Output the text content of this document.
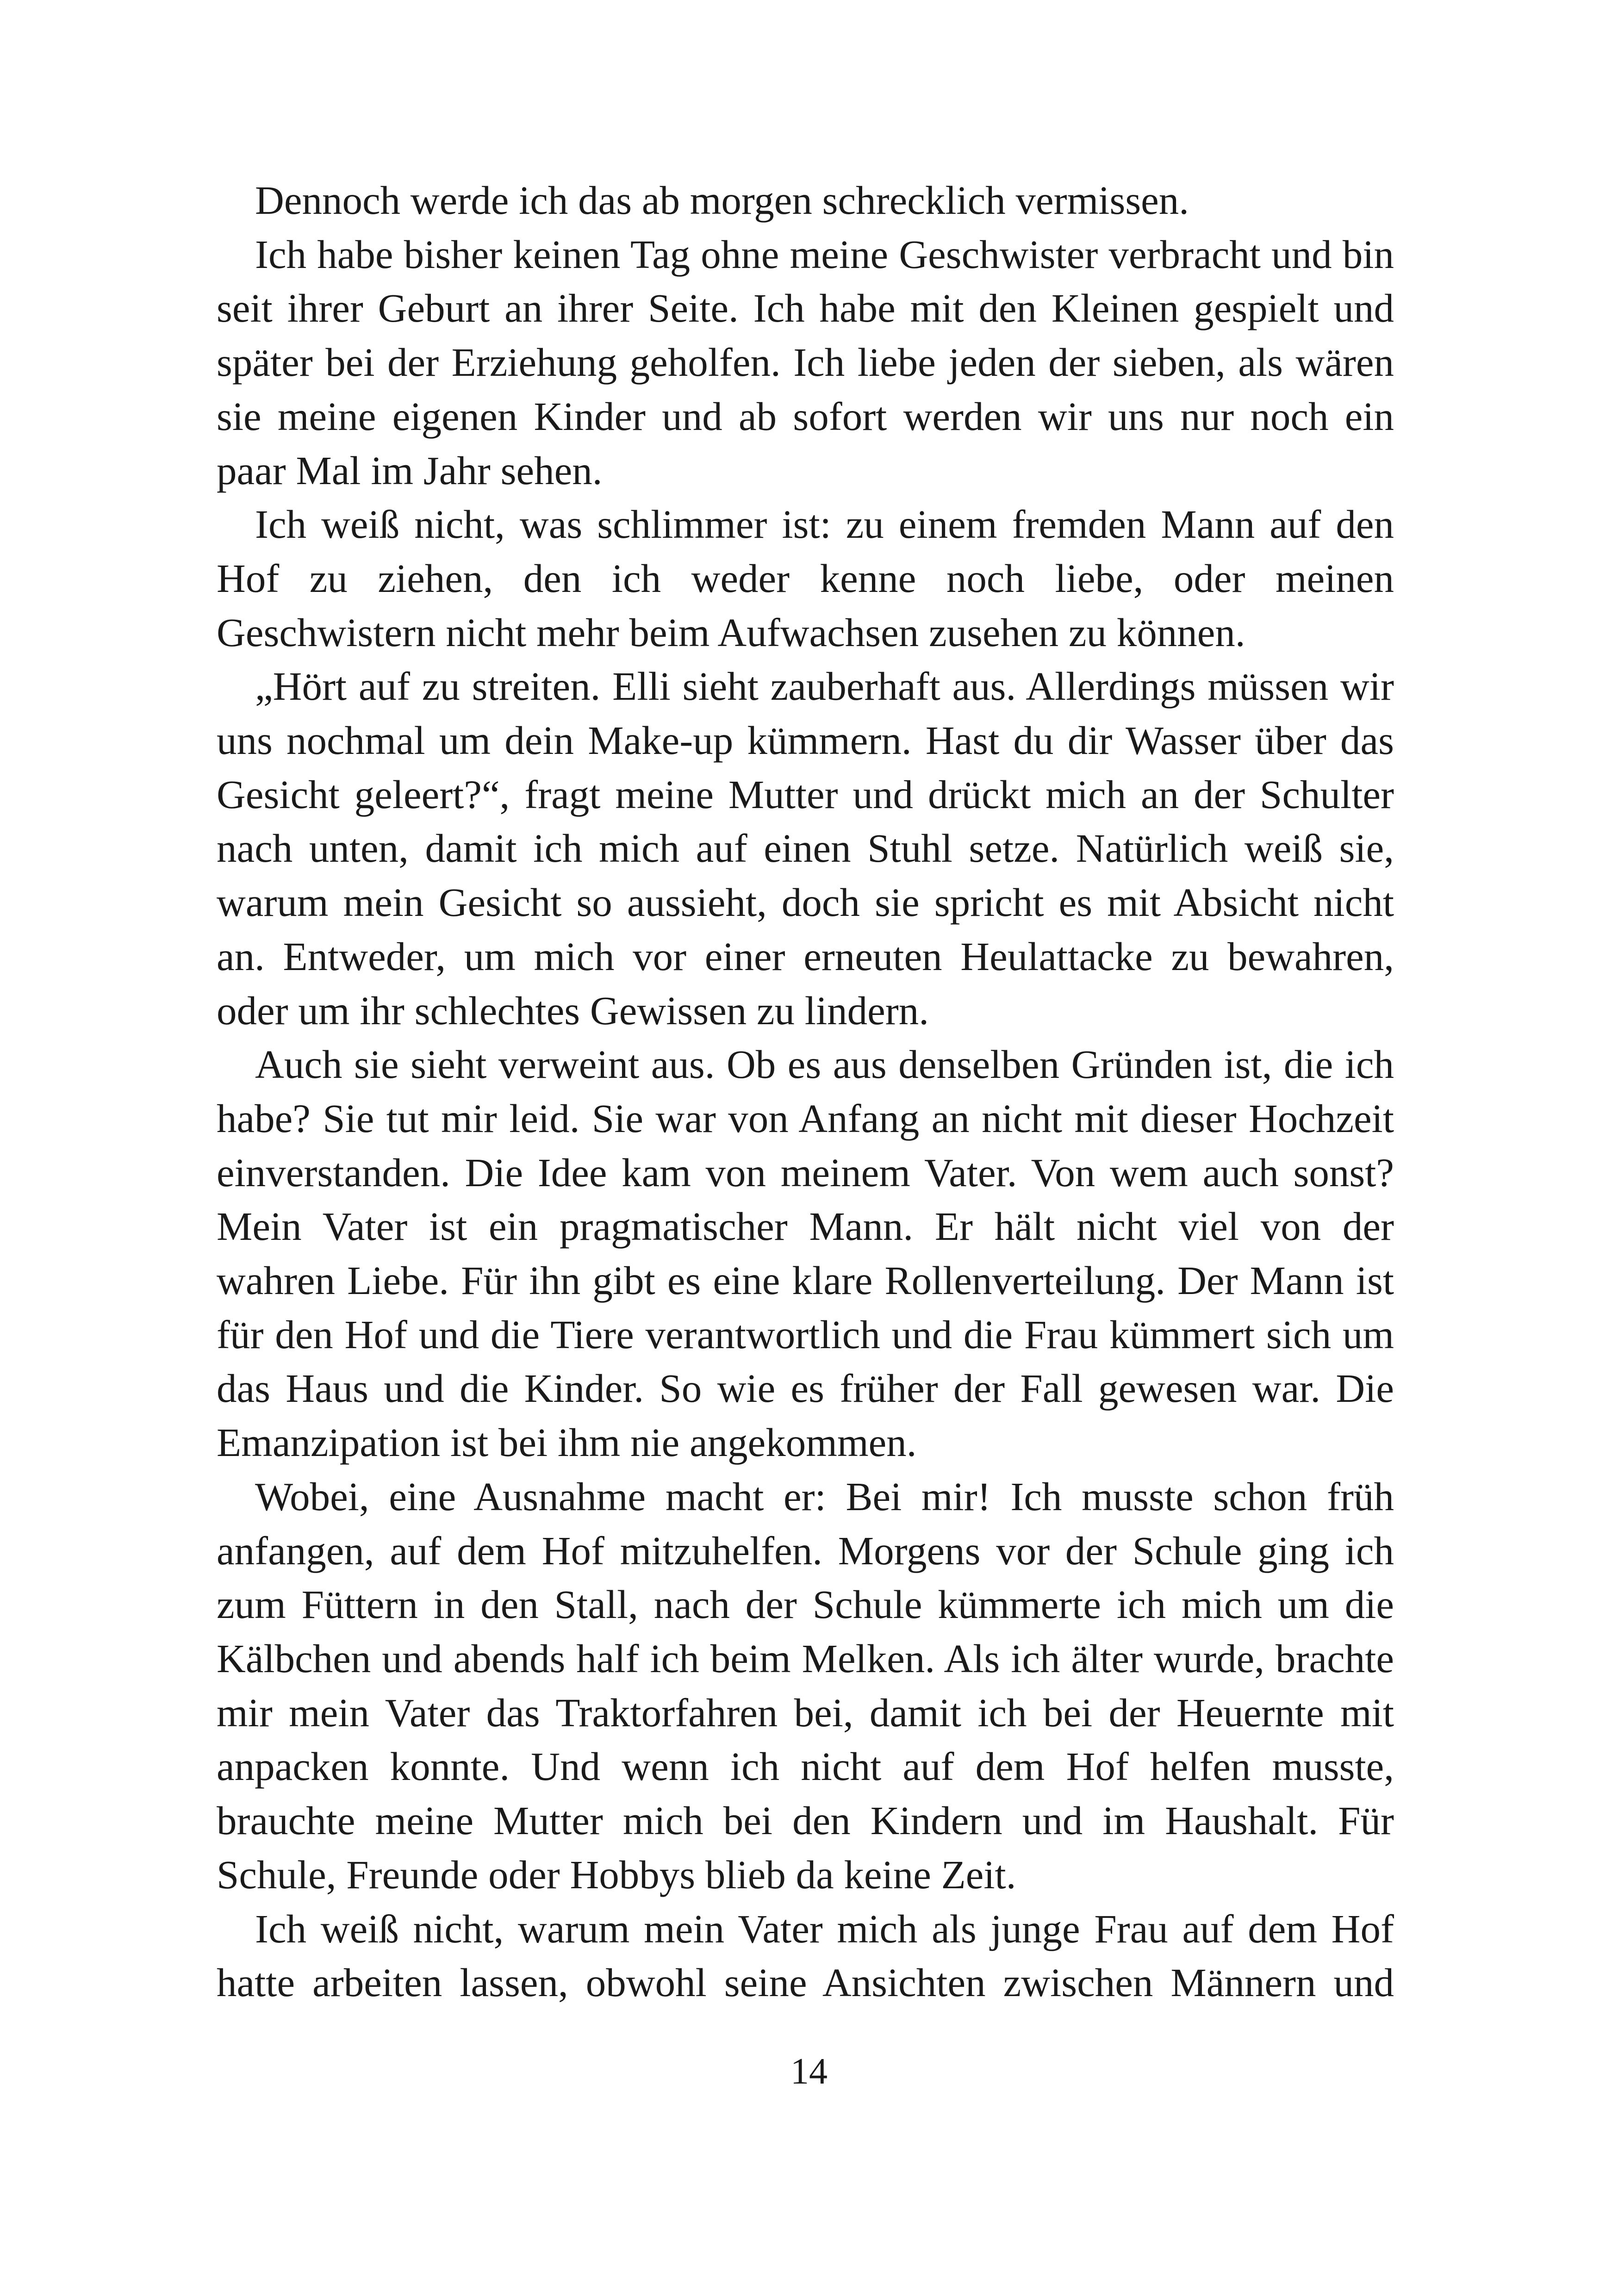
Dennoch werde ich das ab morgen schrecklich vermissen.

Ich habe bisher keinen Tag ohne meine Geschwister verbracht und bin seit ihrer Geburt an ihrer Seite. Ich habe mit den Kleinen gespielt und später bei der Erziehung geholfen. Ich liebe jeden der sieben, als wären sie meine eigenen Kinder und ab sofort werden wir uns nur noch ein paar Mal im Jahr sehen.

Ich weiß nicht, was schlimmer ist: zu einem fremden Mann auf den Hof zu ziehen, den ich weder kenne noch liebe, oder meinen Geschwistern nicht mehr beim Aufwachsen zusehen zu können.

„Hört auf zu streiten. Elli sieht zauberhaft aus. Allerdings müssen wir uns nochmal um dein Make-up kümmern. Hast du dir Wasser über das Gesicht geleert?“, fragt meine Mutter und drückt mich an der Schulter nach unten, damit ich mich auf einen Stuhl setze. Natürlich weiß sie, warum mein Gesicht so aussieht, doch sie spricht es mit Absicht nicht an. Entweder, um mich vor einer erneuten Heulattacke zu bewahren, oder um ihr schlechtes Gewissen zu lindern.

Auch sie sieht verweint aus. Ob es aus denselben Gründen ist, die ich habe? Sie tut mir leid. Sie war von Anfang an nicht mit dieser Hochzeit einverstanden. Die Idee kam von meinem Vater. Von wem auch sonst? Mein Vater ist ein pragmatischer Mann. Er hält nicht viel von der wahren Liebe. Für ihn gibt es eine klare Rollenverteilung. Der Mann ist für den Hof und die Tiere verantwortlich und die Frau kümmert sich um das Haus und die Kinder. So wie es früher der Fall gewesen war. Die Emanzipation ist bei ihm nie angekommen.

Wobei, eine Ausnahme macht er: Bei mir! Ich musste schon früh anfangen, auf dem Hof mitzuhelfen. Morgens vor der Schule ging ich zum Füttern in den Stall, nach der Schule kümmerte ich mich um die Kälbchen und abends half ich beim Melken. Als ich älter wurde, brachte mir mein Vater das Traktorfahren bei, damit ich bei der Heuernte mit anpacken konnte. Und wenn ich nicht auf dem Hof helfen musste, brauchte meine Mutter mich bei den Kindern und im Haushalt. Für Schule, Freunde oder Hobbys blieb da keine Zeit.

Ich weiß nicht, warum mein Vater mich als junge Frau auf dem Hof hatte arbeiten lassen, obwohl seine Ansichten zwischen Männern und

14
